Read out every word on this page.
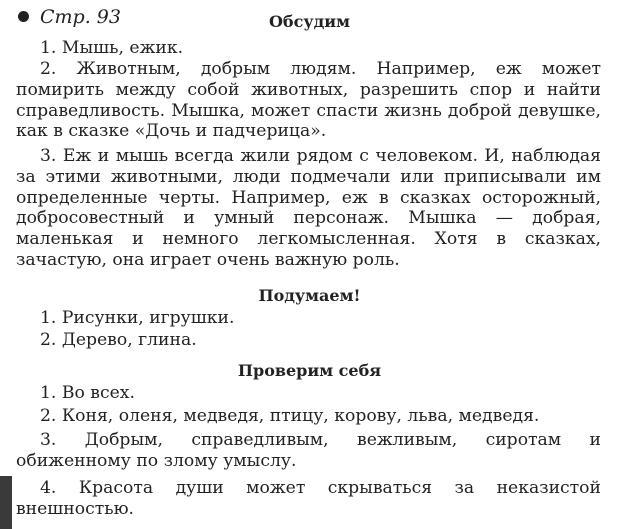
Стр. 93	Обсудим

1. Мышь, ежик.

2. Животным, добрым людям. Например, еж может помирить между собой животных, разрешить спор и найти справедливость. Мышка, может спасти жизнь доброй девушке, как в сказке «Дочь и падчерица».

3. Еж и мышь всегда жили рядом с человеком. И, наблюдая за этими животными, люди подмечали или приписывали им определенные черты. Например, еж в сказках осторожный, добросовестный и умный персонаж. Мышка — добрая, маленькая и немного легкомысленная. Хотя в сказках, зачастую, она играет очень важную роль.

Подумаем!

1. Рисунки, игрушки.

2. Дерево, глина.

Проверим себя

1. Во всех.

2. Коня, оленя, медведя, птицу, корову, льва, медведя.

3. Добрым, справедливым, вежливым, сиротам и обиженному по злому умыслу.

4. Красота души может скрываться за неказистой внешностью.
